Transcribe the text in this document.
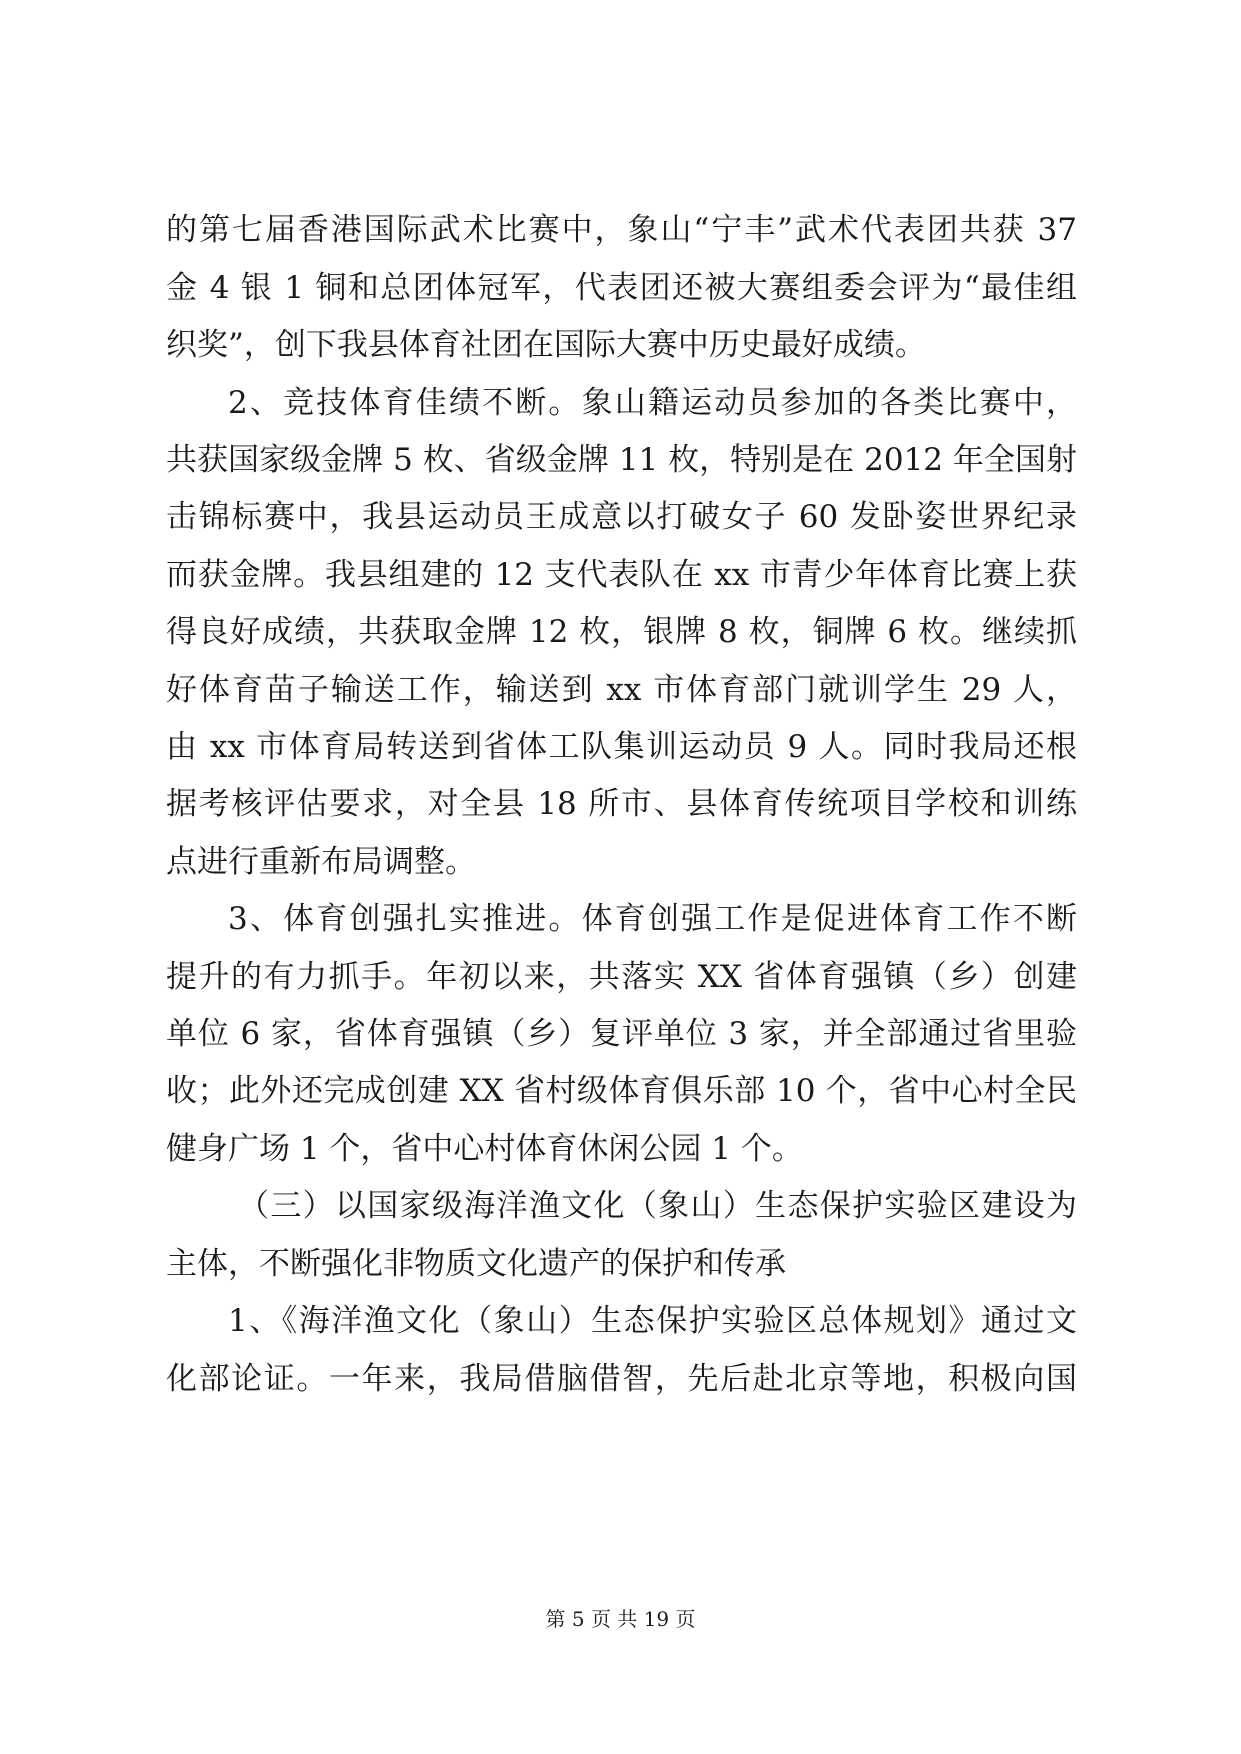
的第七届香港国际武术比赛中，象山“宁丰”武术代表团共获 37
金 4 银 1 铜和总团体冠军，代表团还被大赛组委会评为“最佳组
织奖”，创下我县体育社团在国际大赛中历史最好成绩。
2、竞技体育佳绩不断。象山籍运动员参加的各类比赛中，
共获国家级金牌 5 枚、省级金牌 11 枚，特别是在 2012 年全国射
击锦标赛中，我县运动员王成意以打破女子 60 发卧姿世界纪录
而获金牌。我县组建的 12 支代表队在 xx 市青少年体育比赛上获
得良好成绩，共获取金牌 12 枚，银牌 8 枚，铜牌 6 枚。继续抓
好体育苗子输送工作，输送到 xx 市体育部门就训学生 29 人，
由 xx 市体育局转送到省体工队集训运动员 9 人。同时我局还根
据考核评估要求，对全县 18 所市、县体育传统项目学校和训练
点进行重新布局调整。
3、体育创强扎实推进。体育创强工作是促进体育工作不断
提升的有力抓手。年初以来，共落实 XX 省体育强镇（乡）创建
单位 6 家，省体育强镇（乡）复评单位 3 家，并全部通过省里验
收；此外还完成创建 XX 省村级体育俱乐部 10 个，省中心村全民
健身广场 1 个，省中心村体育休闲公园 1 个。
（三）以国家级海洋渔文化（象山）生态保护实验区建设为
主体，不断强化非物质文化遗产的保护和传承
1、《海洋渔文化（象山）生态保护实验区总体规划》通过文
化部论证。一年来，我局借脑借智，先后赴北京等地，积极向国
第 5 页 共 19 页
